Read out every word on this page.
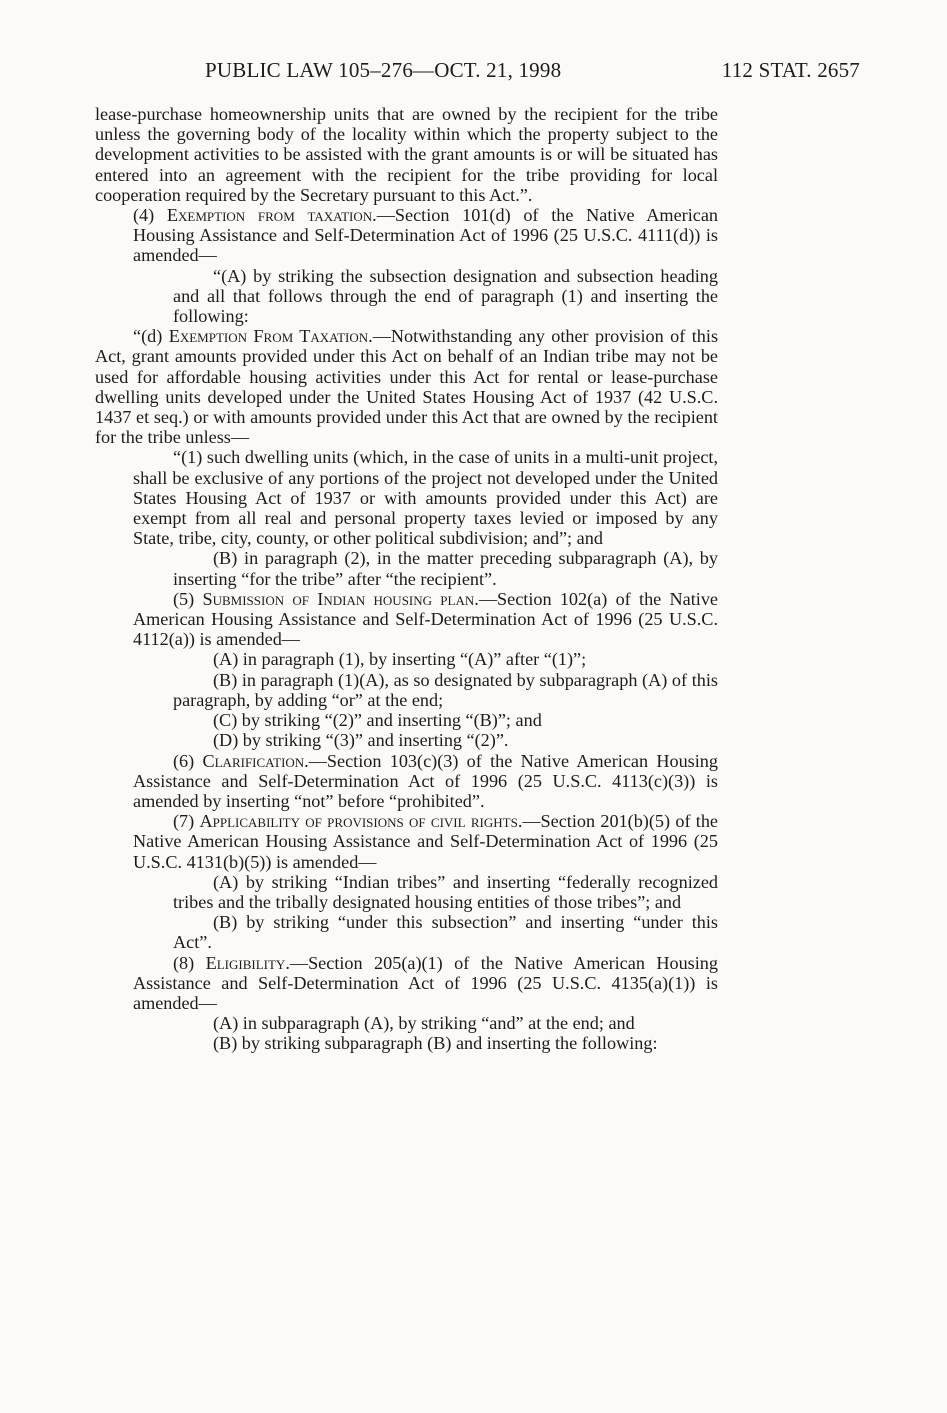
PUBLIC LAW 105–276—OCT. 21, 1998	112 STAT. 2657

lease-purchase homeownership units that are owned by the recipient for the tribe unless the governing body of the locality within which the property subject to the development activities to be assisted with the grant amounts is or will be situated has entered into an agreement with the recipient for the tribe providing for local cooperation required by the Secretary pursuant to this Act.”.

(4) Exemption from taxation.—Section 101(d) of the Native American Housing Assistance and Self-Determination Act of 1996 (25 U.S.C. 4111(d)) is amended—

“(A) by striking the subsection designation and subsection heading and all that follows through the end of paragraph (1) and inserting the following:

“(d) Exemption From Taxation.—Notwithstanding any other provision of this Act, grant amounts provided under this Act on behalf of an Indian tribe may not be used for affordable housing activities under this Act for rental or lease-purchase dwelling units developed under the United States Housing Act of 1937 (42 U.S.C. 1437 et seq.) or with amounts provided under this Act that are owned by the recipient for the tribe unless—

“(1) such dwelling units (which, in the case of units in a multi-unit project, shall be exclusive of any portions of the project not developed under the United States Housing Act of 1937 or with amounts provided under this Act) are exempt from all real and personal property taxes levied or imposed by any State, tribe, city, county, or other political subdivision; and”; and

(B) in paragraph (2), in the matter preceding subparagraph (A), by inserting “for the tribe” after “the recipient”.

(5) Submission of Indian housing plan.—Section 102(a) of the Native American Housing Assistance and Self-Determination Act of 1996 (25 U.S.C. 4112(a)) is amended—

(A) in paragraph (1), by inserting “(A)” after “(1)”;

(B) in paragraph (1)(A), as so designated by subparagraph (A) of this paragraph, by adding “or” at the end;

(C) by striking “(2)” and inserting “(B)”; and

(D) by striking “(3)” and inserting “(2)”.

(6) Clarification.—Section 103(c)(3) of the Native American Housing Assistance and Self-Determination Act of 1996 (25 U.S.C. 4113(c)(3)) is amended by inserting “not” before “prohibited”.

(7) Applicability of provisions of civil rights.—Section 201(b)(5) of the Native American Housing Assistance and Self-Determination Act of 1996 (25 U.S.C. 4131(b)(5)) is amended—

(A) by striking “Indian tribes” and inserting “federally recognized tribes and the tribally designated housing entities of those tribes”; and

(B) by striking “under this subsection” and inserting “under this Act”.

(8) Eligibility.—Section 205(a)(1) of the Native American Housing Assistance and Self-Determination Act of 1996 (25 U.S.C. 4135(a)(1)) is amended—

(A) in subparagraph (A), by striking “and” at the end; and

(B) by striking subparagraph (B) and inserting the following:
